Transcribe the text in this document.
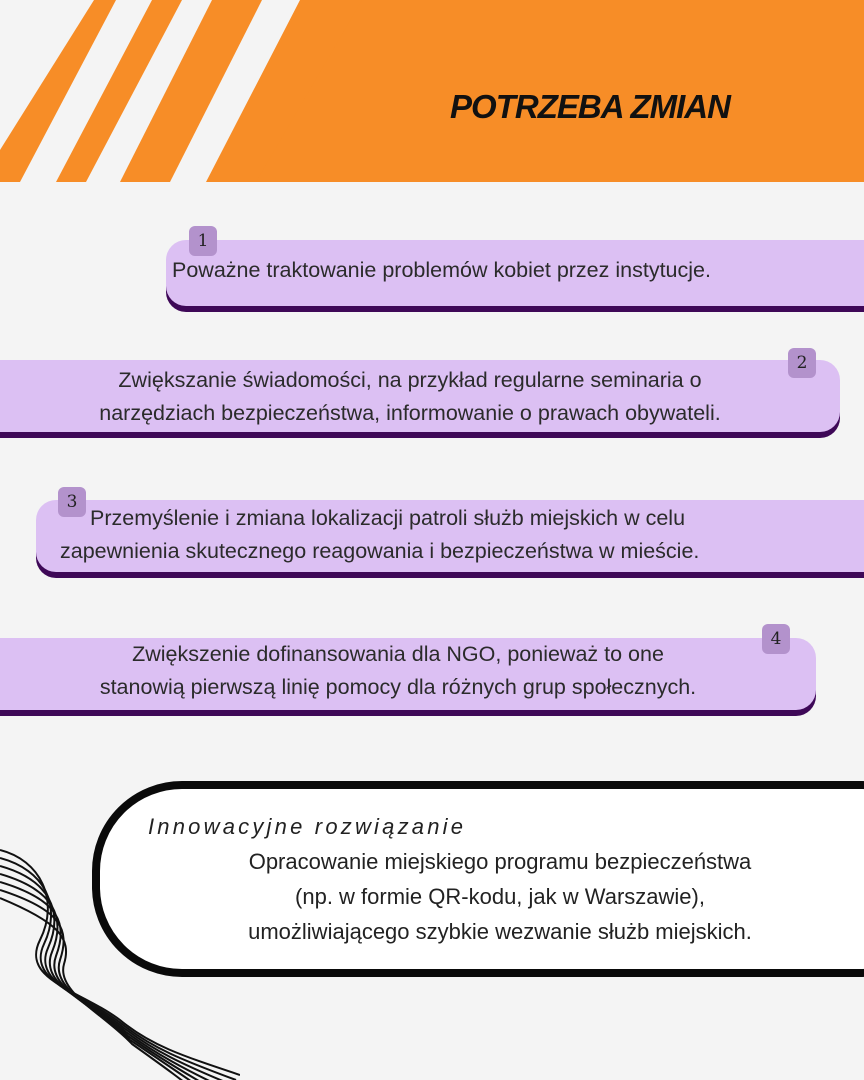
POTRZEBA ZMIAN
Poważne traktowanie problemów kobiet przez instytucje.
1
Zwiększanie świadomości, na przykład regularne seminaria o
narzędziach bezpieczeństwa, informowanie o prawach obywateli.
2
Przemyślenie i zmiana lokalizacji patroli służb miejskich w celu
zapewnienia skutecznego reagowania i bezpieczeństwa w mieście.
3
Zwiększenie dofinansowania dla NGO, ponieważ to one
stanowią pierwszą linię pomocy dla różnych grup społecznych.
4
Innowacyjne rozwiązanie
Opracowanie miejskiego programu bezpieczeństwa
(np. w formie QR-kodu, jak w Warszawie),
umożliwiającego szybkie wezwanie służb miejskich.
